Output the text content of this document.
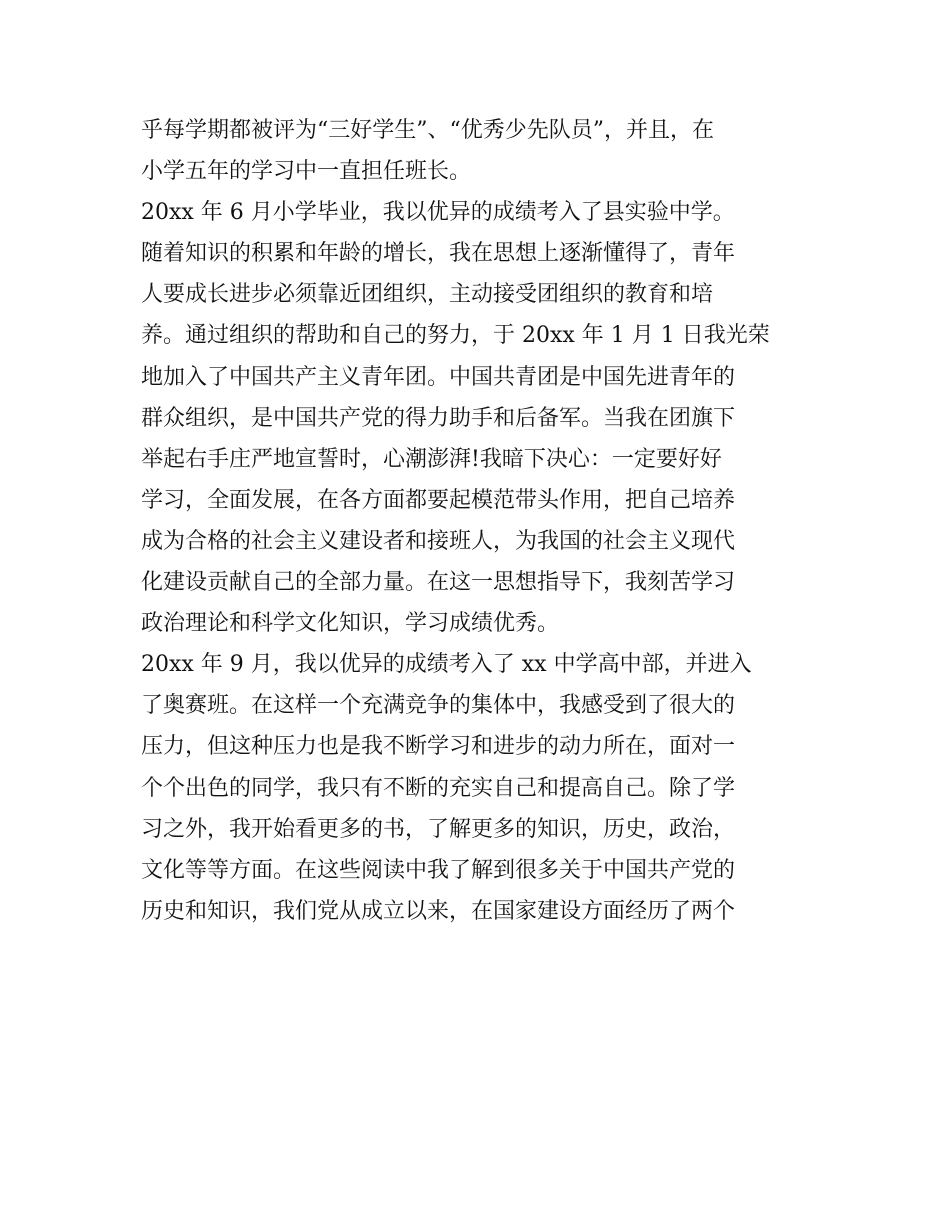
乎每学期都被评为“三好学生”、“优秀少先队员”，并且，在
小学五年的学习中一直担任班长。
20xx 年 6 月小学毕业，我以优异的成绩考入了县实验中学。
随着知识的积累和年龄的增长，我在思想上逐渐懂得了，青年
人要成长进步必须靠近团组织，主动接受团组织的教育和培
养。通过组织的帮助和自己的努力，于 20xx 年 1 月 1 日我光荣
地加入了中国共产主义青年团。中国共青团是中国先进青年的
群众组织，是中国共产党的得力助手和后备军。当我在团旗下
举起右手庄严地宣誓时，心潮澎湃!我暗下决心：一定要好好
学习，全面发展，在各方面都要起模范带头作用，把自己培养
成为合格的社会主义建设者和接班人，为我国的社会主义现代
化建设贡献自己的全部力量。在这一思想指导下，我刻苦学习
政治理论和科学文化知识，学习成绩优秀。
20xx 年 9 月，我以优异的成绩考入了 xx 中学高中部，并进入
了奥赛班。在这样一个充满竞争的集体中，我感受到了很大的
压力，但这种压力也是我不断学习和进步的动力所在，面对一
个个出色的同学，我只有不断的充实自己和提高自己。除了学
习之外，我开始看更多的书，了解更多的知识，历史，政治，
文化等等方面。在这些阅读中我了解到很多关于中国共产党的
历史和知识，我们党从成立以来，在国家建设方面经历了两个
